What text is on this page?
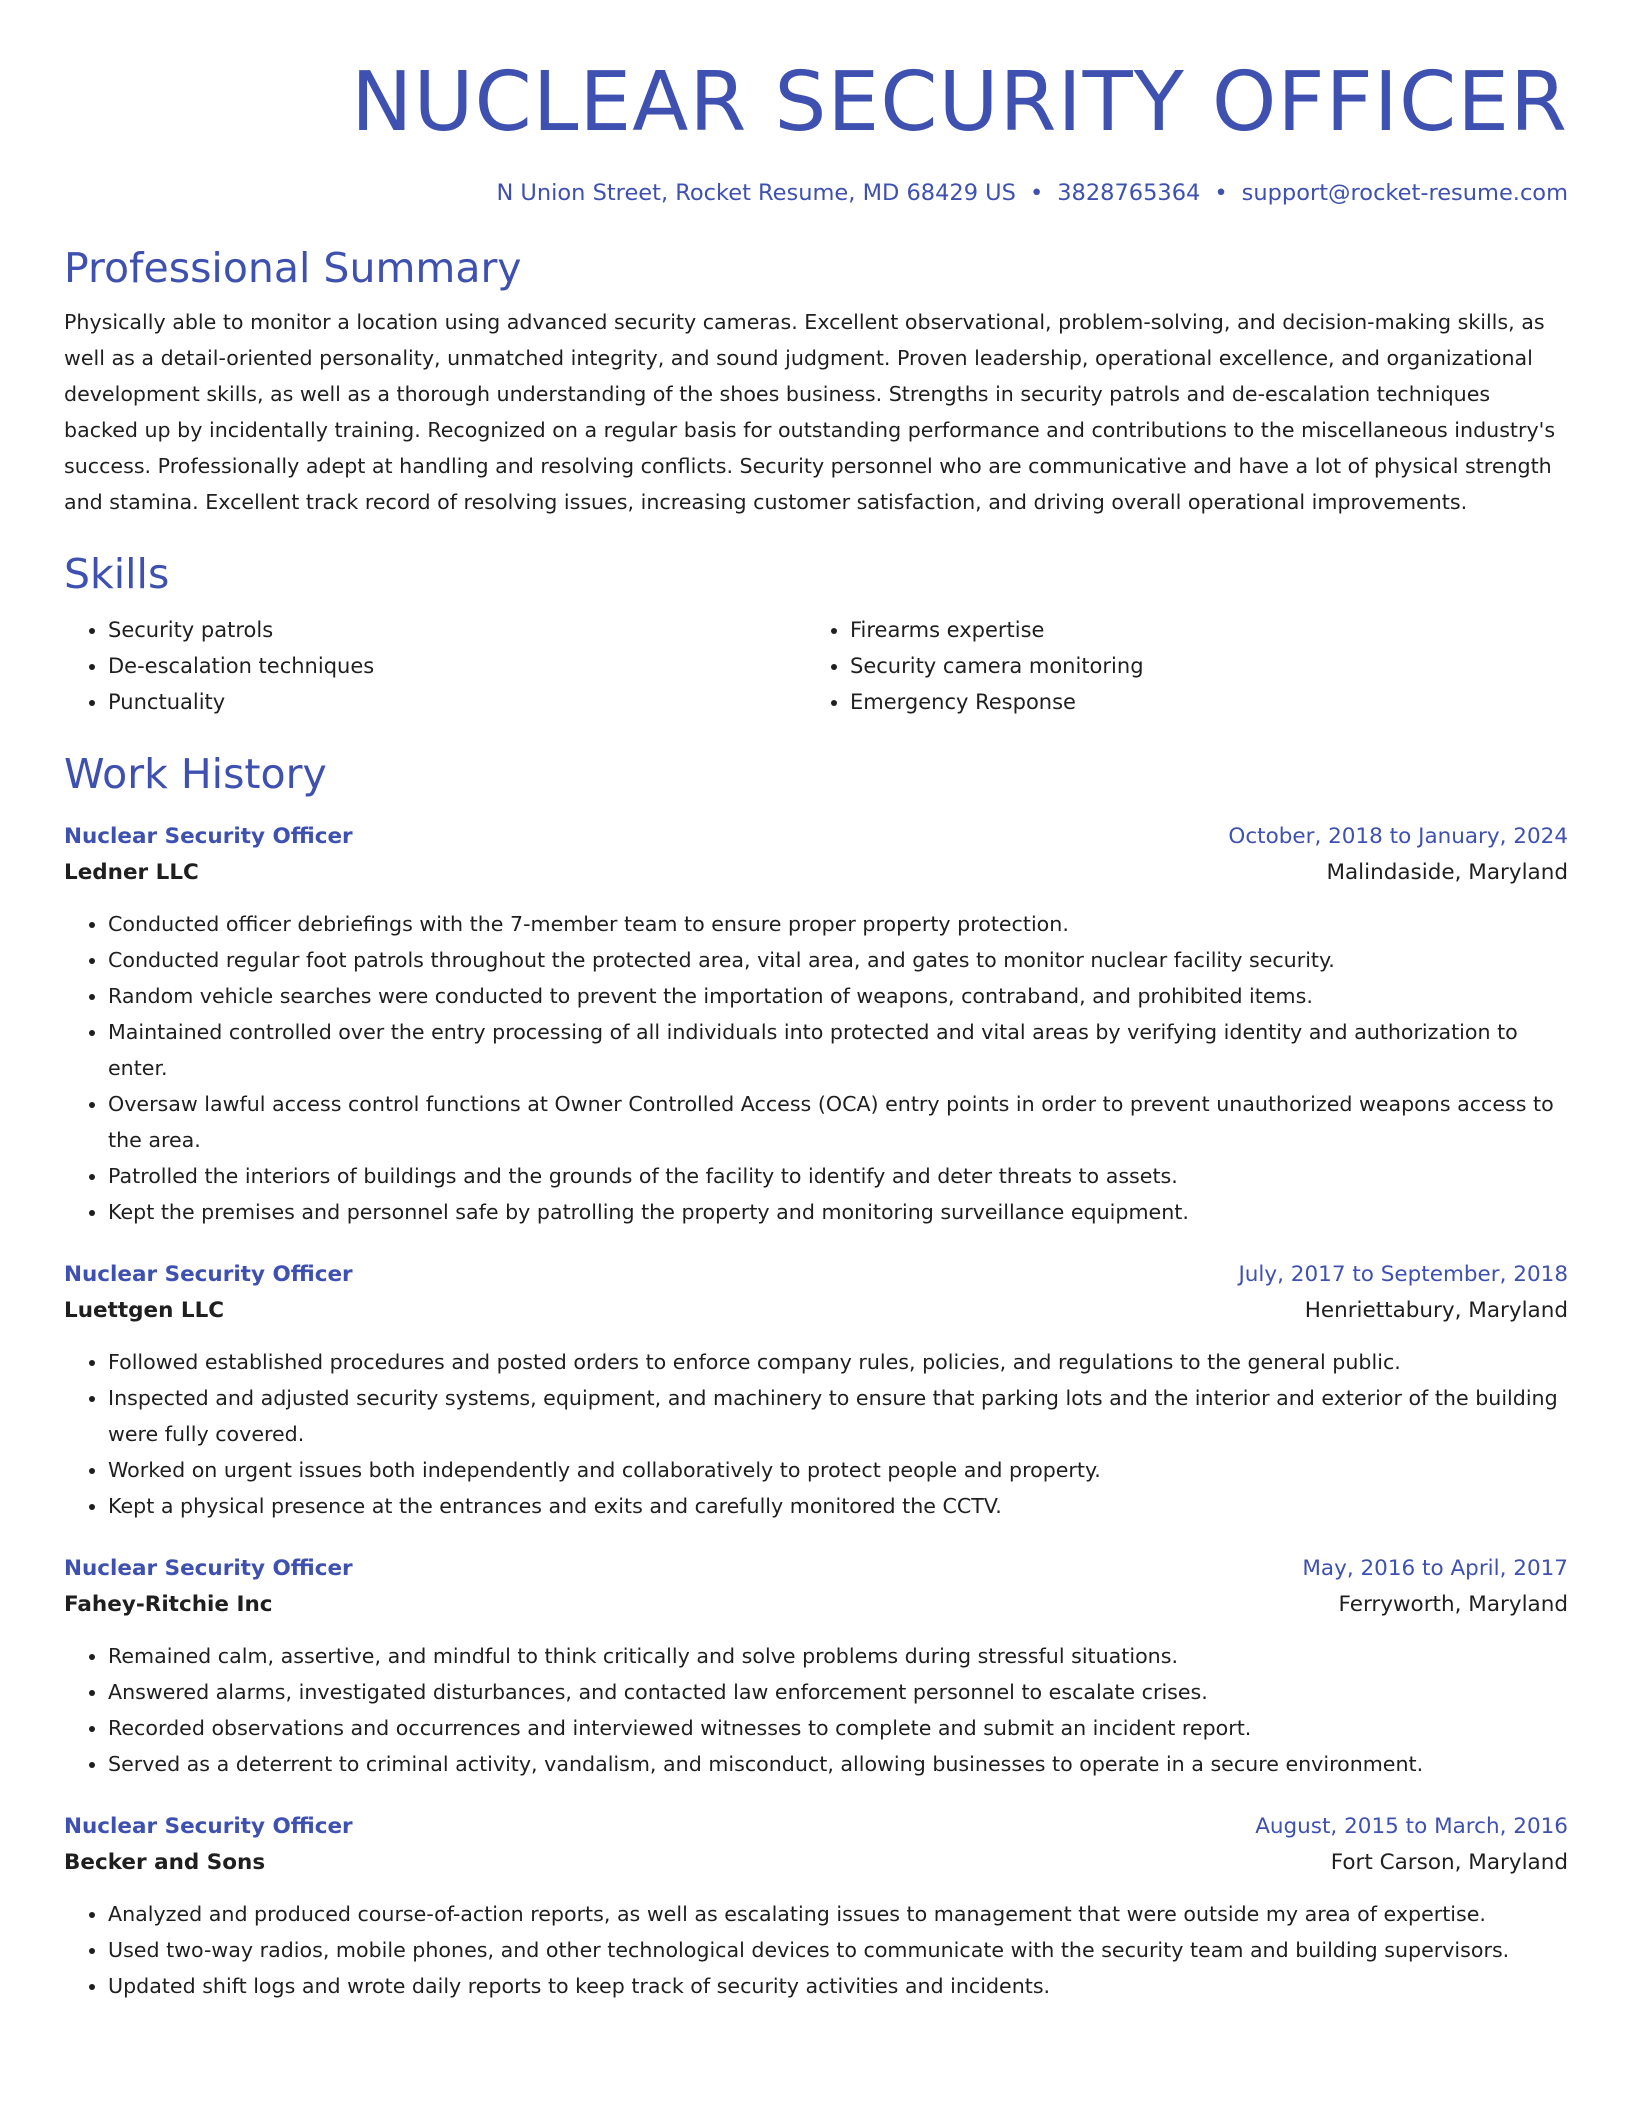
NUCLEAR SECURITY OFFICER
N Union Street, Rocket Resume, MD 68429 US • 3828765364 • support@rocket-resume.com
Professional Summary

Physically able to monitor a location using advanced security cameras. Excellent observational, problem-solving, and decision-making skills, as well as a detail-oriented personality, unmatched integrity, and sound judgment. Proven leadership, operational excellence, and organizational development skills, as well as a thorough understanding of the shoes business. Strengths in security patrols and de-escalation techniques backed up by incidentally training. Recognized on a regular basis for outstanding performance and contributions to the miscellaneous industry's success. Professionally adept at handling and resolving conflicts. Security personnel who are communicative and have a lot of physical strength and stamina. Excellent track record of resolving issues, increasing customer satisfaction, and driving overall operational improvements.

Skills
• Security patrols
• De-escalation techniques
• Punctuality
• Firearms expertise
• Security camera monitoring
• Emergency Response
Work History
Nuclear Security Officer	October, 2018 to January, 2024
Ledner LLC	Malindaside, Maryland
• Conducted officer debriefings with the 7-member team to ensure proper property protection.
• Conducted regular foot patrols throughout the protected area, vital area, and gates to monitor nuclear facility security.
• Random vehicle searches were conducted to prevent the importation of weapons, contraband, and prohibited items.
• Maintained controlled over the entry processing of all individuals into protected and vital areas by verifying identity and authorization to enter.
• Oversaw lawful access control functions at Owner Controlled Access (OCA) entry points in order to prevent unauthorized weapons access to the area.
• Patrolled the interiors of buildings and the grounds of the facility to identify and deter threats to assets.
• Kept the premises and personnel safe by patrolling the property and monitoring surveillance equipment.
Nuclear Security Officer	July, 2017 to September, 2018
Luettgen LLC	Henriettabury, Maryland
• Followed established procedures and posted orders to enforce company rules, policies, and regulations to the general public.
• Inspected and adjusted security systems, equipment, and machinery to ensure that parking lots and the interior and exterior of the building were fully covered.
• Worked on urgent issues both independently and collaboratively to protect people and property.
• Kept a physical presence at the entrances and exits and carefully monitored the CCTV.
Nuclear Security Officer	May, 2016 to April, 2017
Fahey-Ritchie Inc	Ferryworth, Maryland
• Remained calm, assertive, and mindful to think critically and solve problems during stressful situations.
• Answered alarms, investigated disturbances, and contacted law enforcement personnel to escalate crises.
• Recorded observations and occurrences and interviewed witnesses to complete and submit an incident report.
• Served as a deterrent to criminal activity, vandalism, and misconduct, allowing businesses to operate in a secure environment.
Nuclear Security Officer	August, 2015 to March, 2016
Becker and Sons	Fort Carson, Maryland
• Analyzed and produced course-of-action reports, as well as escalating issues to management that were outside my area of expertise.
• Used two-way radios, mobile phones, and other technological devices to communicate with the security team and building supervisors.
• Updated shift logs and wrote daily reports to keep track of security activities and incidents.
